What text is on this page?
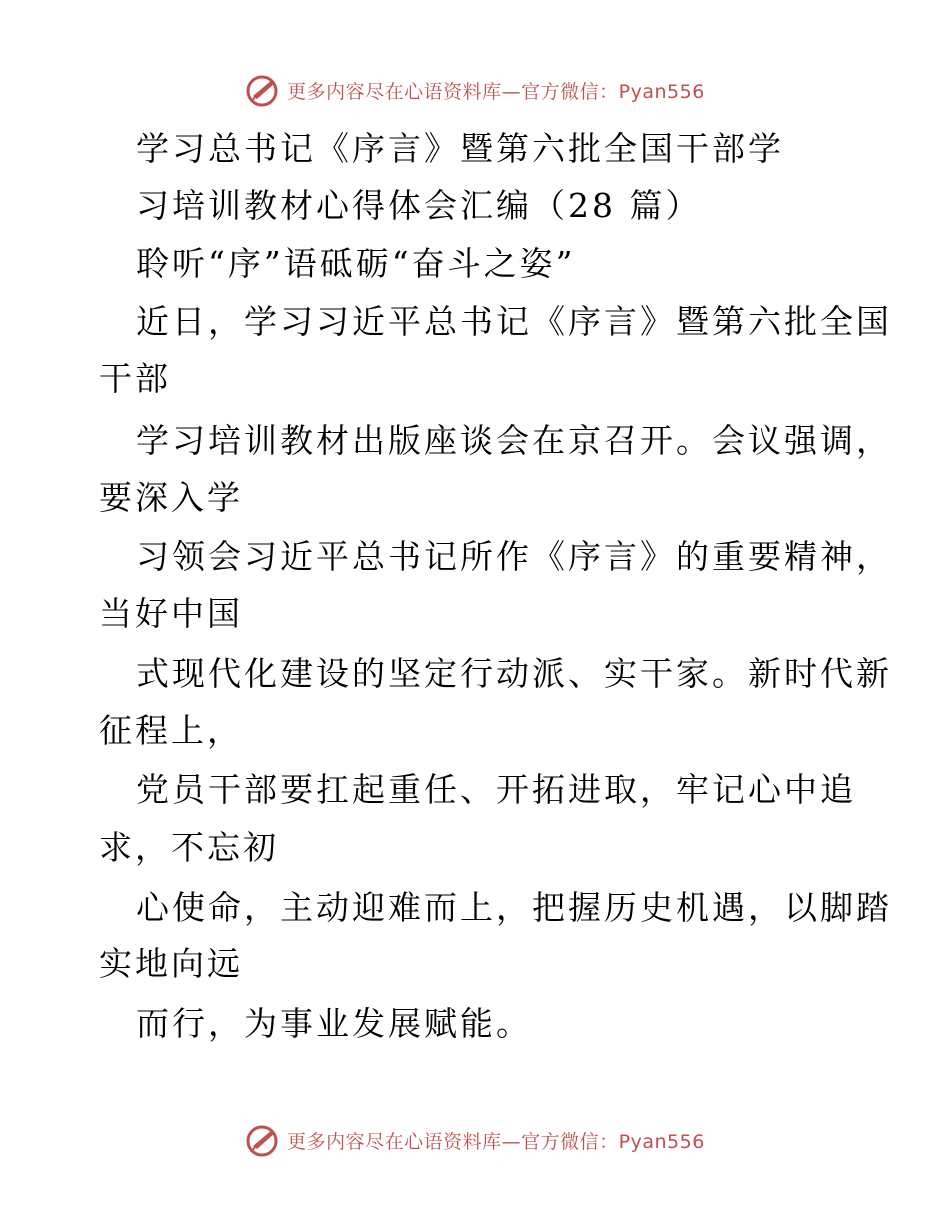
更多内容尽在心语资料库—官方微信：Pyan556
学习总书记《序言》暨第六批全国干部学
习培训教材心得体会汇编（28 篇）
聆听“序”语砥砺“奋斗之姿”
近日，学习习近平总书记《序言》暨第六批全国
干部
学习培训教材出版座谈会在京召开。会议强调，
要深入学
习领会习近平总书记所作《序言》的重要精神，
当好中国
式现代化建设的坚定行动派、实干家。新时代新
征程上，
党员干部要扛起重任、开拓进取，牢记心中追
求，不忘初
心使命，主动迎难而上，把握历史机遇，以脚踏
实地向远
而行，为事业发展赋能。
更多内容尽在心语资料库—官方微信：Pyan556
